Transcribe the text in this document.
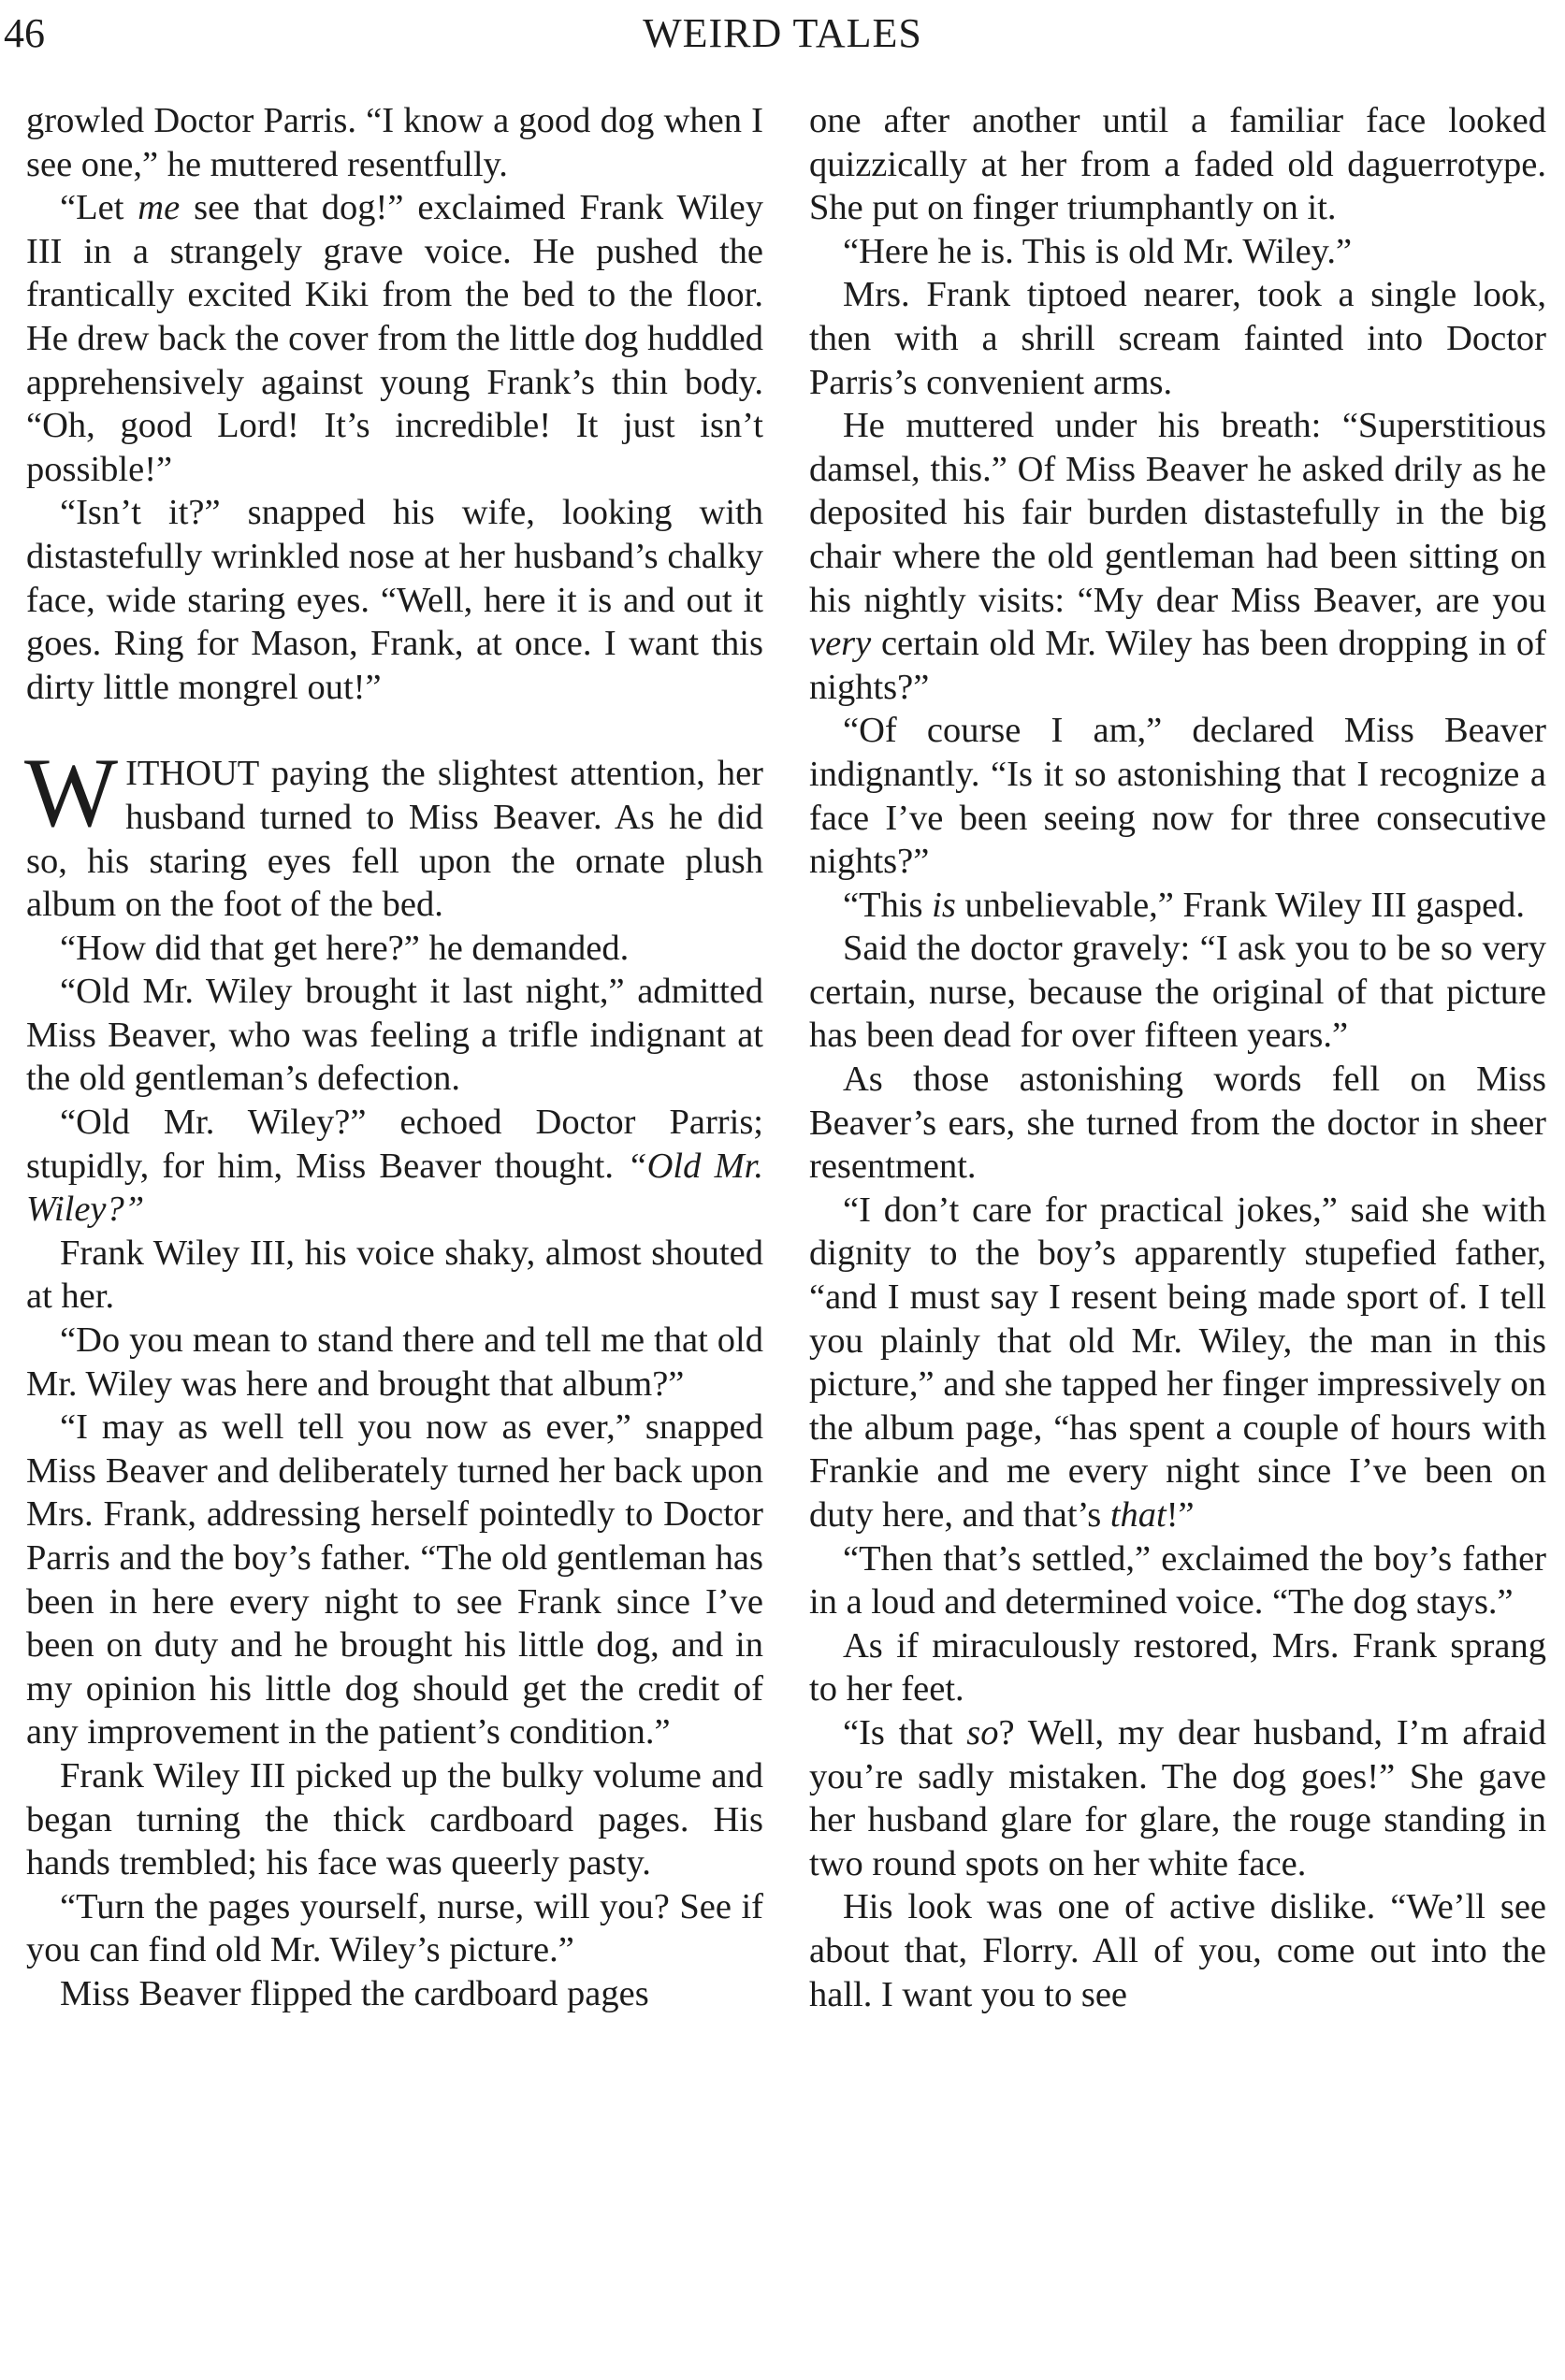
46	WEIRD TALES

growled Doctor Parris. “I know a good dog when I see one,” he muttered resentfully.

“Let me see that dog!” exclaimed Frank Wiley III in a strangely grave voice. He pushed the frantically excited Kiki from the bed to the floor. He drew back the cover from the little dog huddled apprehensively against young Frank’s thin body. “Oh, good Lord! It’s incredible! It just isn’t possible!”

“Isn’t it?” snapped his wife, looking with distastefully wrinkled nose at her husband’s chalky face, wide staring eyes. “Well, here it is and out it goes. Ring for Mason, Frank, at once. I want this dirty little mongrel out!”

WITHOUT paying the slightest attention, her husband turned to Miss Beaver. As he did so, his staring eyes fell upon the ornate plush album on the foot of the bed.

“How did that get here?” he demanded.

“Old Mr. Wiley brought it last night,” admitted Miss Beaver, who was feeling a trifle indignant at the old gentleman’s defection.

“Old Mr. Wiley?” echoed Doctor Parris; stupidly, for him, Miss Beaver thought. “Old Mr. Wiley?”

Frank Wiley III, his voice shaky, almost shouted at her.

“Do you mean to stand there and tell me that old Mr. Wiley was here and brought that album?”

“I may as well tell you now as ever,” snapped Miss Beaver and deliberately turned her back upon Mrs. Frank, addressing herself pointedly to Doctor Parris and the boy’s father. “The old gentleman has been in here every night to see Frank since I’ve been on duty and he brought his little dog, and in my opinion his little dog should get the credit of any improvement in the patient’s condition.”

Frank Wiley III picked up the bulky volume and began turning the thick cardboard pages. His hands trembled; his face was queerly pasty.

“Turn the pages yourself, nurse, will you? See if you can find old Mr. Wiley’s picture.”

Miss Beaver flipped the cardboard pages

one after another until a familiar face looked quizzically at her from a faded old daguerrotype. She put on finger triumphantly on it.

“Here he is. This is old Mr. Wiley.”

Mrs. Frank tiptoed nearer, took a single look, then with a shrill scream fainted into Doctor Parris’s convenient arms.

He muttered under his breath: “Superstitious damsel, this.” Of Miss Beaver he asked drily as he deposited his fair burden distastefully in the big chair where the old gentleman had been sitting on his nightly visits: “My dear Miss Beaver, are you very certain old Mr. Wiley has been dropping in of nights?”

“Of course I am,” declared Miss Beaver indignantly. “Is it so astonishing that I recognize a face I’ve been seeing now for three consecutive nights?”

“This is unbelievable,” Frank Wiley III gasped.

Said the doctor gravely: “I ask you to be so very certain, nurse, because the original of that picture has been dead for over fifteen years.”

As those astonishing words fell on Miss Beaver’s ears, she turned from the doctor in sheer resentment.

“I don’t care for practical jokes,” said she with dignity to the boy’s apparently stupefied father, “and I must say I resent being made sport of. I tell you plainly that old Mr. Wiley, the man in this picture,” and she tapped her finger impressively on the album page, “has spent a couple of hours with Frankie and me every night since I’ve been on duty here, and that’s that!”

“Then that’s settled,” exclaimed the boy’s father in a loud and determined voice. “The dog stays.”

As if miraculously restored, Mrs. Frank sprang to her feet.

“Is that so? Well, my dear husband, I’m afraid you’re sadly mistaken. The dog goes!” She gave her husband glare for glare, the rouge standing in two round spots on her white face.

His look was one of active dislike. “We’ll see about that, Florry. All of you, come out into the hall. I want you to see
